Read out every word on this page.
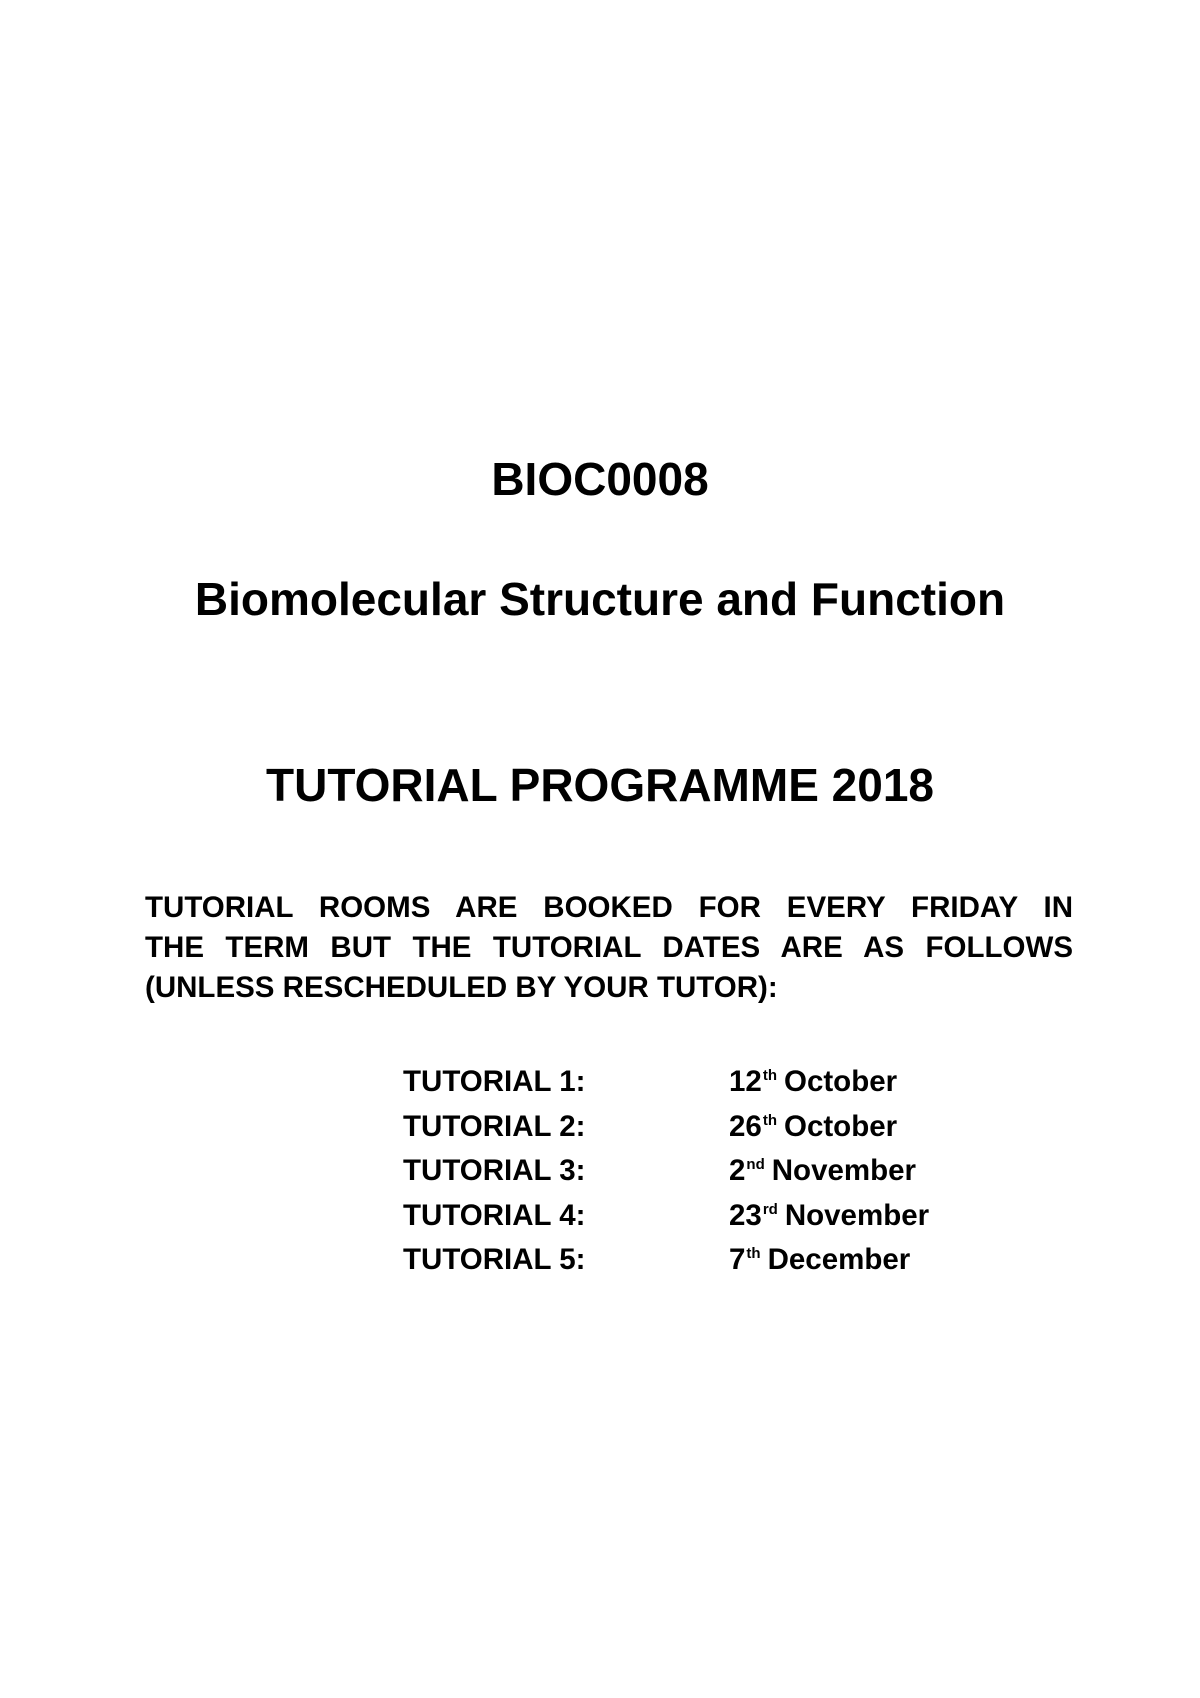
BIOC0008
Biomolecular Structure and Function
TUTORIAL PROGRAMME 2018
TUTORIAL ROOMS ARE BOOKED FOR EVERY FRIDAY IN
THE TERM BUT THE TUTORIAL DATES ARE AS FOLLOWS
(UNLESS RESCHEDULED BY YOUR TUTOR):
TUTORIAL 1:	12th October
TUTORIAL 2:	26th October
TUTORIAL 3:	2nd November
TUTORIAL 4:	23rd November
TUTORIAL 5:	7th December
